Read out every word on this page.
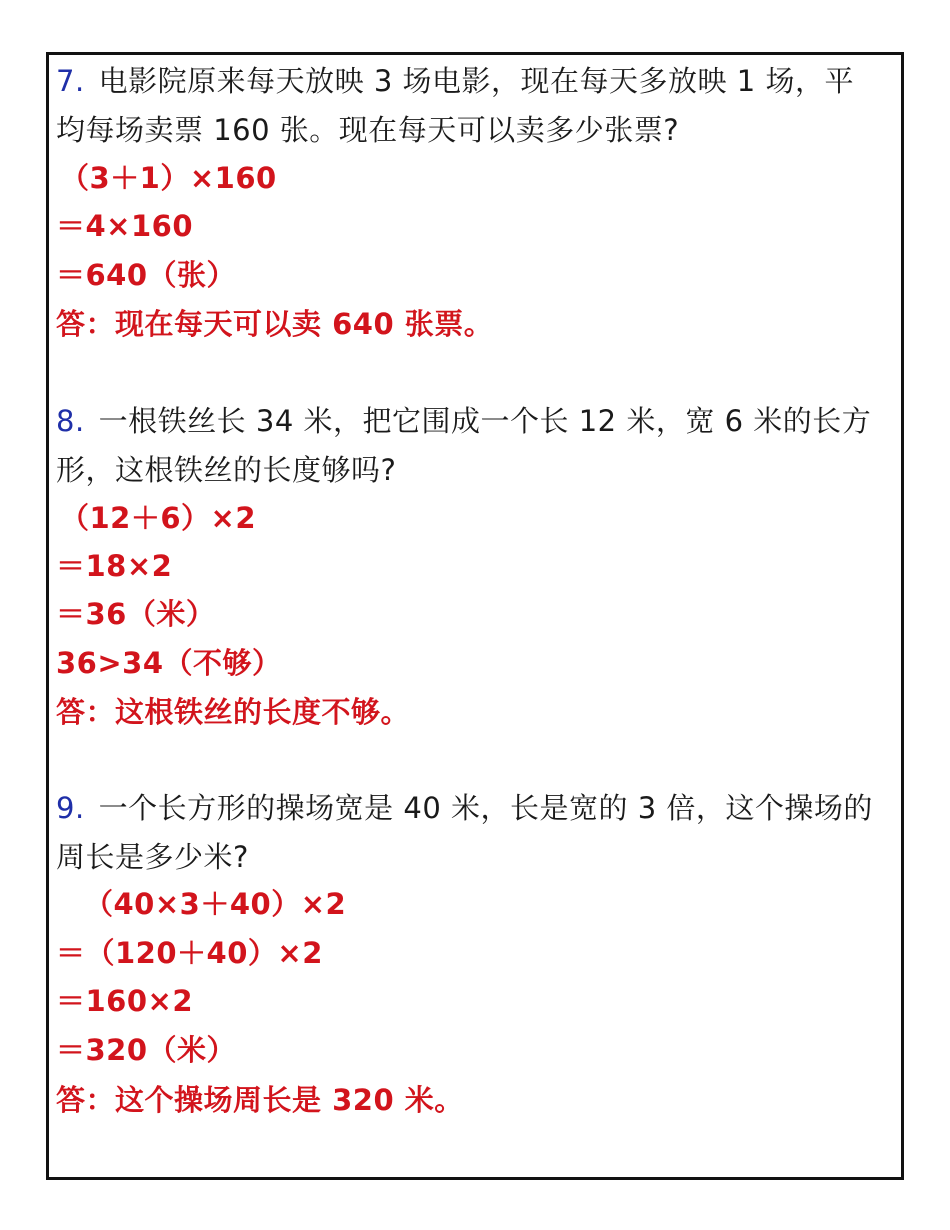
7. 电影院原来每天放映 3 场电影，现在每天多放映 1 场，平
均每场卖票 160 张。现在每天可以卖多少张票?
（3＋1）×160
＝4×160
＝640（张）
答：现在每天可以卖 640 张票。
8. 一根铁丝长 34 米，把它围成一个长 12 米，宽 6 米的长方
形，这根铁丝的长度够吗?
（12＋6）×2
＝18×2
＝36（米）
36>34（不够）
答：这根铁丝的长度不够。
9. 一个长方形的操场宽是 40 米，长是宽的 3 倍，这个操场的
周长是多少米?
（40×3＋40）×2
＝（120＋40）×2
＝160×2
＝320（米）
答：这个操场周长是 320 米。
